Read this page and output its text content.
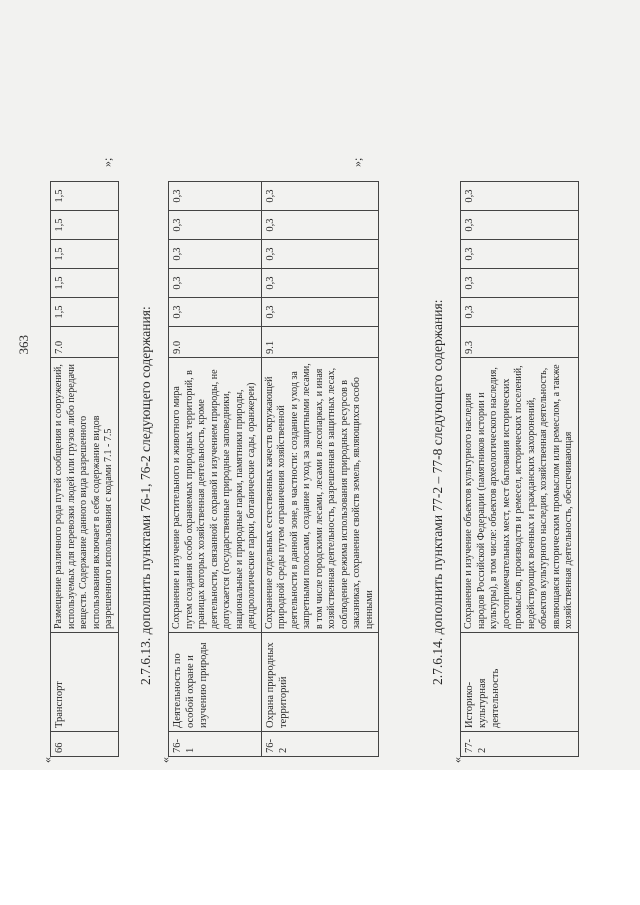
363
«
66	Транспорт	Размещение различного рода путей сообщения и сооружений, используемых для перевозки людей или грузов либо передачи веществ. Содержание данного вида разрешенного использования включает в себя содержание видов разрешенного использования с кодами 7.1 - 7.5	7.0	1,5	1,5	1,5	1,5	1,5
»;
2.7.6.13. дополнить пунктами 76-1, 76-2 следующего содержания:
«
76-1	Деятельность по особой охране и изучению природы	Сохранение и изучение растительного и животного мира путем создания особо охраняемых природных территорий, в границах которых хозяйственная деятельность, кроме деятельности, связанной с охраной и изучением природы, не допускается (государственные природные заповедники, национальные и природные парки, памятники природы, дендрологические парки, ботанические сады, оранжереи)	9.0	0,3	0,3	0,3	0,3	0,3
76-2	Охрана природных территорий	Сохранение отдельных естественных качеств окружающей природной среды путем ограничения хозяйственной деятельности в данной зоне, в частности: создание и уход за запретными полосами, создание и уход за защитными лесами, в том числе городскими лесами, лесами в лесопарках, и иная хозяйственная деятельность, разрешенная в защитных лесах, соблюдение режима использования природных ресурсов в заказниках, сохранение свойств земель, являющихся особо ценными	9.1	0,3	0,3	0,3	0,3	0,3
»;
2.7.6.14. дополнить пунктами 77-2 – 77-8 следующего содержания:
«
77-2	Историко-культурная деятельность	Сохранение и изучение объектов культурного наследия народов Российской Федерации (памятников истории и культуры), в том числе: объектов археологического наследия, достопримечательных мест, мест бытования исторических промыслов, производств и ремесел, исторических поселений, недействующих военных и гражданских захоронений, объектов культурного наследия, хозяйственная деятельность, являющаяся историческим промыслом или ремеслом, а также хозяйственная деятельность, обеспечивающая	9.3	0,3	0,3	0,3	0,3	0,3
